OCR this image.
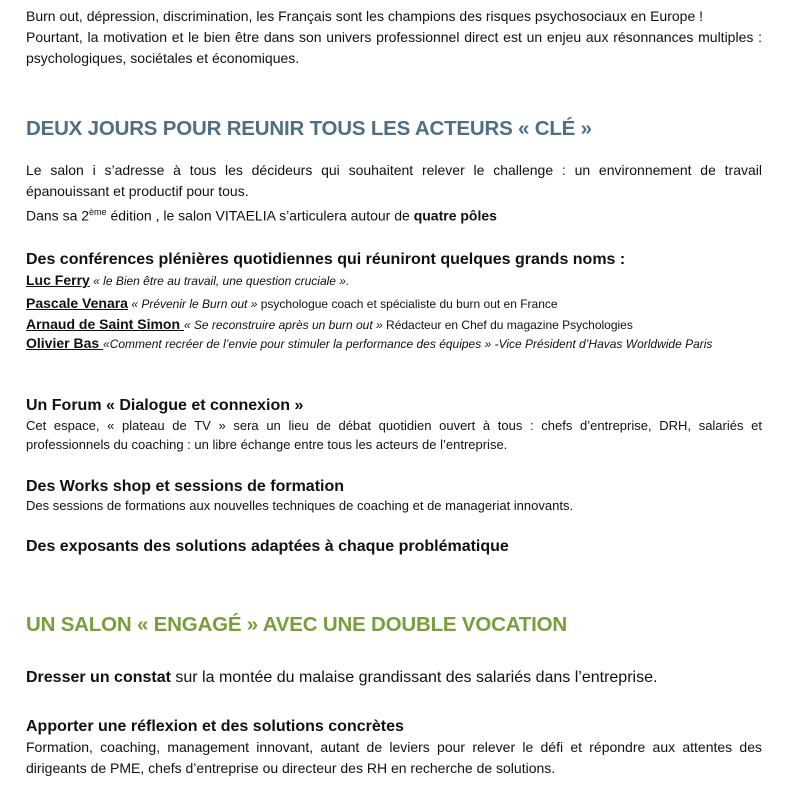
Burn out, dépression, discrimination, les Français sont les champions des risques psychosociaux en Europe !

Pourtant, la motivation et le bien être dans son univers professionnel direct est un enjeu aux résonnances multiples : psychologiques, sociétales et économiques.

DEUX JOURS POUR REUNIR TOUS LES ACTEURS « CLÉ »

Le salon i s’adresse à tous les décideurs qui souhaitent relever le challenge : un environnement de travail épanouissant et productif pour tous.

Dans sa 2ème édition , le salon VITAELIA s’articulera autour de quatre pôles

Des conférences plénières quotidiennes qui réuniront quelques grands noms :

Luc Ferry « le Bien être au travail, une question cruciale ».

Pascale Venara « Prévenir le Burn out » psychologue coach et spécialiste du burn out en France

Arnaud de Saint Simon « Se reconstruire après un burn out » Rédacteur en Chef du magazine Psychologies

Olivier Bas «Comment recréer de l’envie pour stimuler la performance des équipes » -Vice Président d’Havas Worldwide Paris

Un Forum « Dialogue et connexion »

Cet espace, « plateau de TV » sera un lieu de débat quotidien ouvert à tous : chefs d’entreprise, DRH, salariés et professionnels du coaching : un libre échange entre tous les acteurs de l’entreprise.

Des Works shop et sessions de formation

Des sessions de formations aux nouvelles techniques de coaching et de manageriat innovants.

Des exposants des solutions adaptées à chaque problématique

UN SALON « ENGAGÉ » AVEC UNE DOUBLE VOCATION

Dresser un constat sur la montée du malaise grandissant des salariés dans l’entreprise.

Apporter une réflexion et des solutions concrètes

Formation, coaching, management innovant, autant de leviers pour relever le défi et répondre aux attentes des dirigeants de PME, chefs d’entreprise ou directeur des RH en recherche de solutions.
